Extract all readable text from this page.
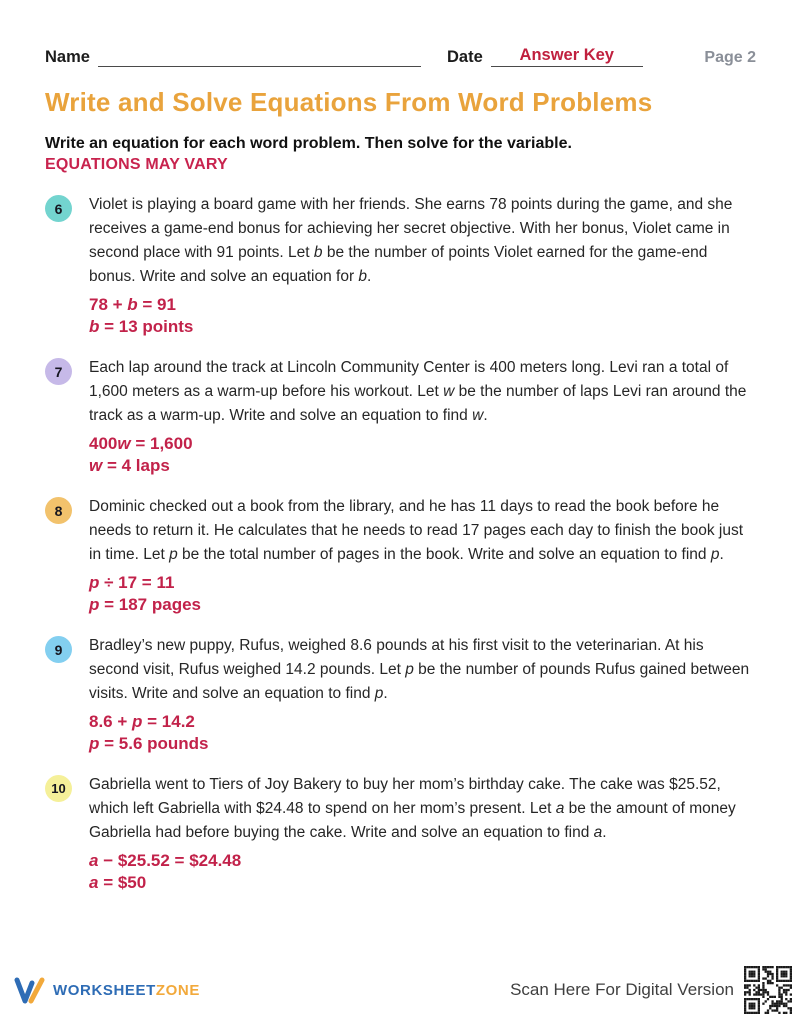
Name	Date	Answer Key	Page 2
Write and Solve Equations From Word Problems
Write an equation for each word problem. Then solve for the variable.
EQUATIONS MAY VARY
6	Violet is playing a board game with her friends. She earns 78 points during the game, and she receives a game-end bonus for achieving her secret objective. With her bonus, Violet came in second place with 91 points. Let b be the number of points Violet earned for the game-end bonus. Write and solve an equation for b.

78 + b = 91
b = 13 points
7	Each lap around the track at Lincoln Community Center is 400 meters long. Levi ran a total of 1,600 meters as a warm-up before his workout. Let w be the number of laps Levi ran around the track as a warm-up. Write and solve an equation to find w.

400w = 1,600
w = 4 laps
8	Dominic checked out a book from the library, and he has 11 days to read the book before he needs to return it. He calculates that he needs to read 17 pages each day to finish the book just in time. Let p be the total number of pages in the book. Write and solve an equation to find p.

p ÷ 17 = 11
p = 187 pages
9	Bradley’s new puppy, Rufus, weighed 8.6 pounds at his first visit to the veterinarian. At his second visit, Rufus weighed 14.2 pounds. Let p be the number of pounds Rufus gained between visits. Write and solve an equation to find p.

8.6 + p = 14.2
p = 5.6 pounds
10	Gabriella went to Tiers of Joy Bakery to buy her mom’s birthday cake. The cake was $25.52, which left Gabriella with $24.48 to spend on her mom’s present. Let a be the amount of money Gabriella had before buying the cake. Write and solve an equation to find a.

a − $25.52 = $24.48
a = $50
WORKSHEETZONE	Scan Here For Digital Version
